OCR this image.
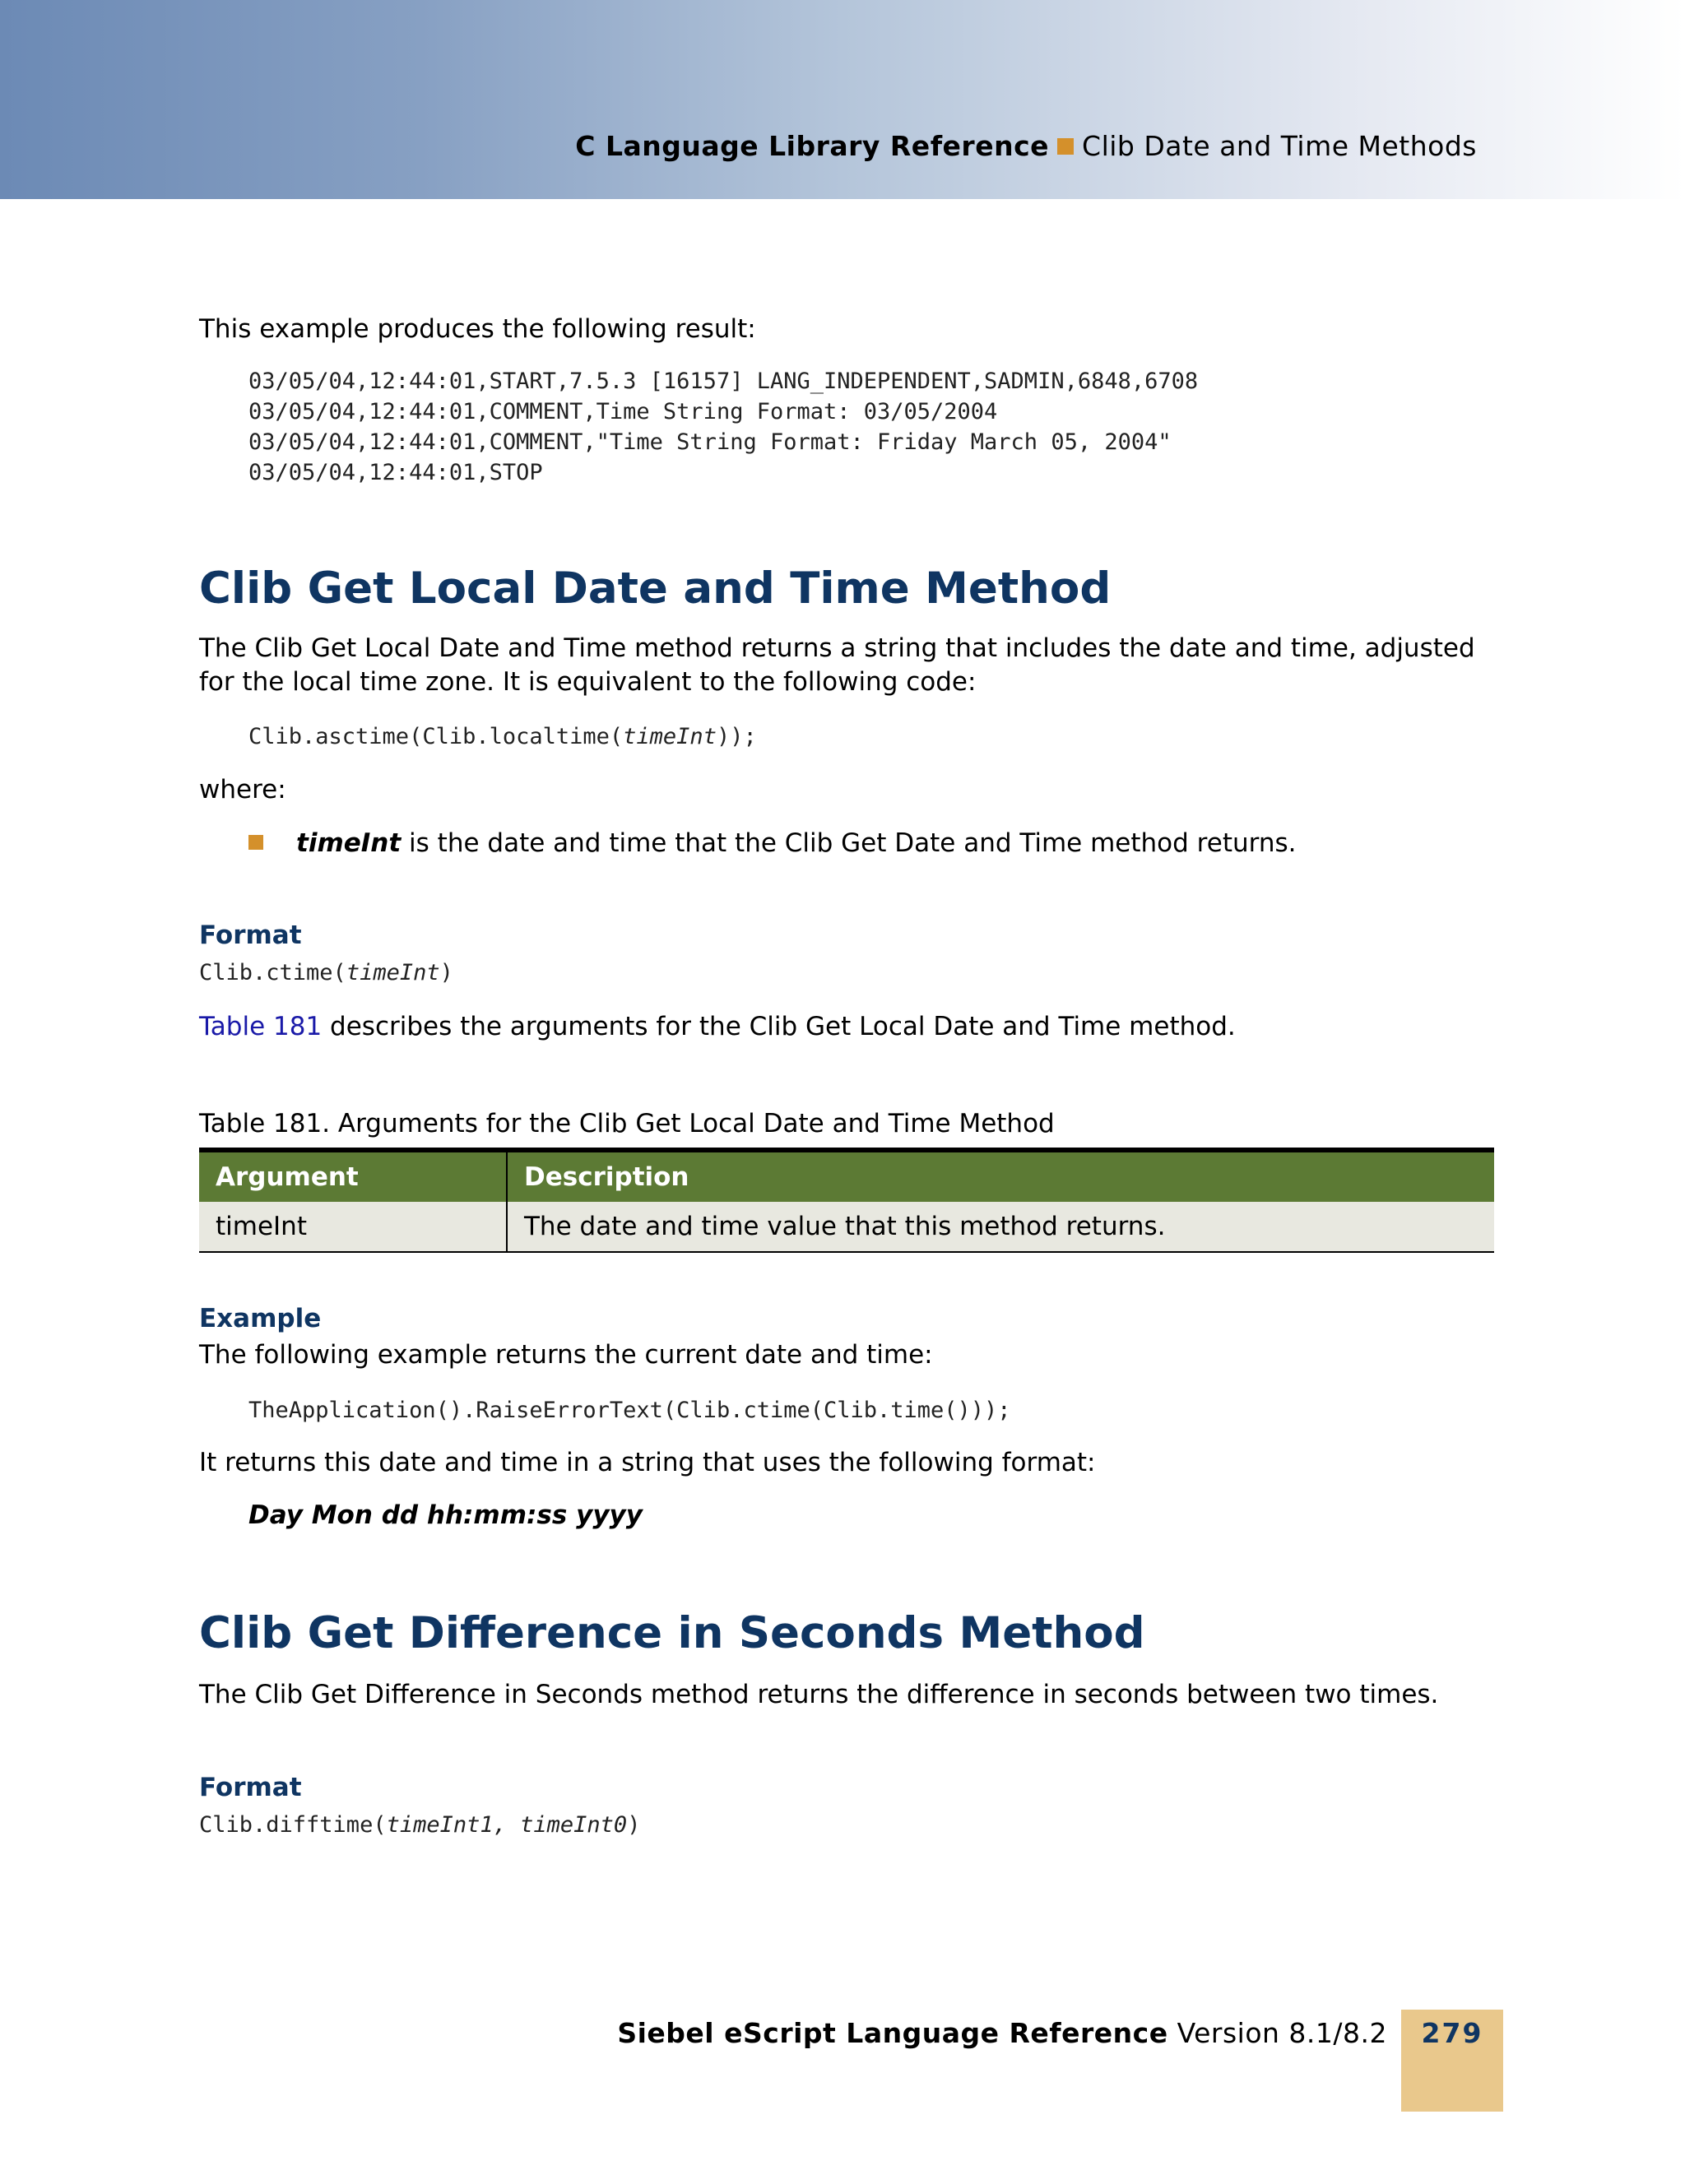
C Language Library Reference Clib Date and Time Methods

This example produces the following result:

03/05/04,12:44:01,START,7.5.3 [16157] LANG_INDEPENDENT,SADMIN,6848,6708
03/05/04,12:44:01,COMMENT,Time String Format: 03/05/2004
03/05/04,12:44:01,COMMENT,"Time String Format: Friday March 05, 2004"
03/05/04,12:44:01,STOP
Clib Get Local Date and Time Method

The Clib Get Local Date and Time method returns a string that includes the date and time, adjusted for the local time zone. It is equivalent to the following code:

Clib.asctime(Clib.localtime(timeInt));

where:

timeInt is the date and time that the Clib Get Date and Time method returns.

Format
Clib.ctime(timeInt)

Table 181 describes the arguments for the Clib Get Local Date and Time method.

Table 181. Arguments for the Clib Get Local Date and Time Method

Argument	Description
timeInt	The date and time value that this method returns.
Example

The following example returns the current date and time:

TheApplication().RaiseErrorText(Clib.ctime(Clib.time()));

It returns this date and time in a string that uses the following format:

Day Mon dd hh:mm:ss yyyy

Clib Get Difference in Seconds Method

The Clib Get Difference in Seconds method returns the difference in seconds between two times.

Format
Clib.difftime(timeInt1, timeInt0)
Siebel eScript Language Reference Version 8.1/8.2	279
